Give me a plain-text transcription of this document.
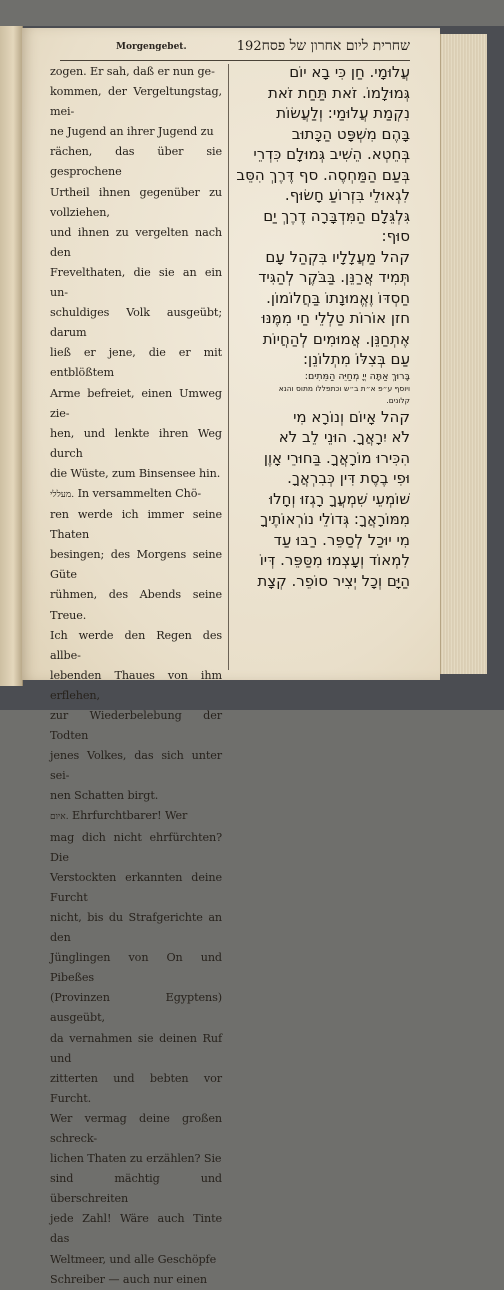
Morgengebet.	שחרית ליום אחרון של פסח192
zogen. Er sah, daß er nun ge-
kommen, der Vergeltungstag, mei-
ne Jugend an ihrer Jugend zu
rächen, das über sie gesprochene
Urtheil ihnen gegenüber zu vollziehen,
und ihnen zu vergelten nach den
Frevelthaten, die sie an ein un-
schuldiges Volk ausgeübt; darum
ließ er jene, die er mit entblößtem
Arme befreiet, einen Umweg zie-
hen, und lenkte ihren Weg durch
die Wüste, zum Binsensee hin.
מעללי. In versammelten Chö-
ren werde ich immer seine Thaten
besingen; des Morgens seine Güte
rühmen, des Abends seine Treue.
Ich werde den Regen des allbe-
lebenden Thaues von ihm erflehen,
zur Wiederbelebung der Todten
jenes Volkes, das sich unter sei-
nen Schatten birgt.
איום. Ehrfurchtbarer! Wer
mag dich nicht ehrfürchten? Die
Verstockten erkannten deine Furcht
nicht, bis du Strafgerichte an den
Jünglingen von On und Pibeßes
(Provinzen Egyptens) ausgeübt,
da vernahmen sie deinen Ruf und
zitterten und bebten vor Furcht.
Wer vermag deine großen schreck-
lichen Thaten zu erzählen? Sie
sind mächtig und überschreiten
jede Zahl! Wäre auch Tinte das
Weltmeer, und alle Geschöpfe
Schreiber — auch nur einen
עֲלוּמָי. חַן כִּי בָא יוֹם
גְּמוּלָמוֹ. זֹאת תַּחַת זֹאת
נִקְמַת עֲלוּמַי: וְלַעֲשׂוֹת
בָּהֶם מִשְׁפָּט הַכָּתוּב
בְּחֵטְא. הֵשִׁיב גְּמוּלָם כִּדְרֵי
בְּעַם הַמַּחְסֶה. סף דֶּרֶךְ הִסֵּב
לִגְאוּלֵי בִּזְרוֹעַ חָשׂוּף.
גִּלְגֵּלָם הַמִּדְבָּרָה דֶרֶךְ יַם
סוּף:
קהל מַעֲלָלָיו בִּקְהַל עָם
תְּמִיד אֲרַנֵּן. בַּבֹּקֶר לְהַגִּיד
חַסְדּוֹ וֶאֱמוּנָתוֹ בַּחֲלוֹמוֹן.
חזן אוֹרוֹת טַלְלֵי חַי מִמֶּנּוּ
אֶתְחַנֵּן. אֲמוּמִים לְהַחֲיוֹת
עַם בְּצִלּוֹ מִתְלוֹנֵן:
בָּרוּךְ אַתָּה יְיָ מְחַיֵּה הַמֵּתִים:
ויוסף ע״פ א״ת ב״ש וכתפללו מתוס והנא
קלונים.
קהל אָיוֹם וְנוֹרָא מִי
לֹא יִרָאֲךָ. הוּנֵי לֵב לֹא
הִכִּירוּ מוֹרָאֲךָ. בַּחוּרֵי אָוֶן
וּפִי בֶסֶת דִּין כְּבִרְאֲךָ.
שׁוֹמְעֵי שִׁמְעֲךָ רָגְזוּ וְחָלוּ
מִמּוֹרָאֲךָ: גְּדוֹלֵי נוֹרְאוֹתֶיךָ
מִי יוּכַל לְסַפֵּר. רַבּוּ עַד
לִמְאוֹד וְעָצְמוּ מִסַּפֵּר. דְּיוֹ
הַיָּם וְכָל יְצִיר סוֹפֵר. קְצָת
